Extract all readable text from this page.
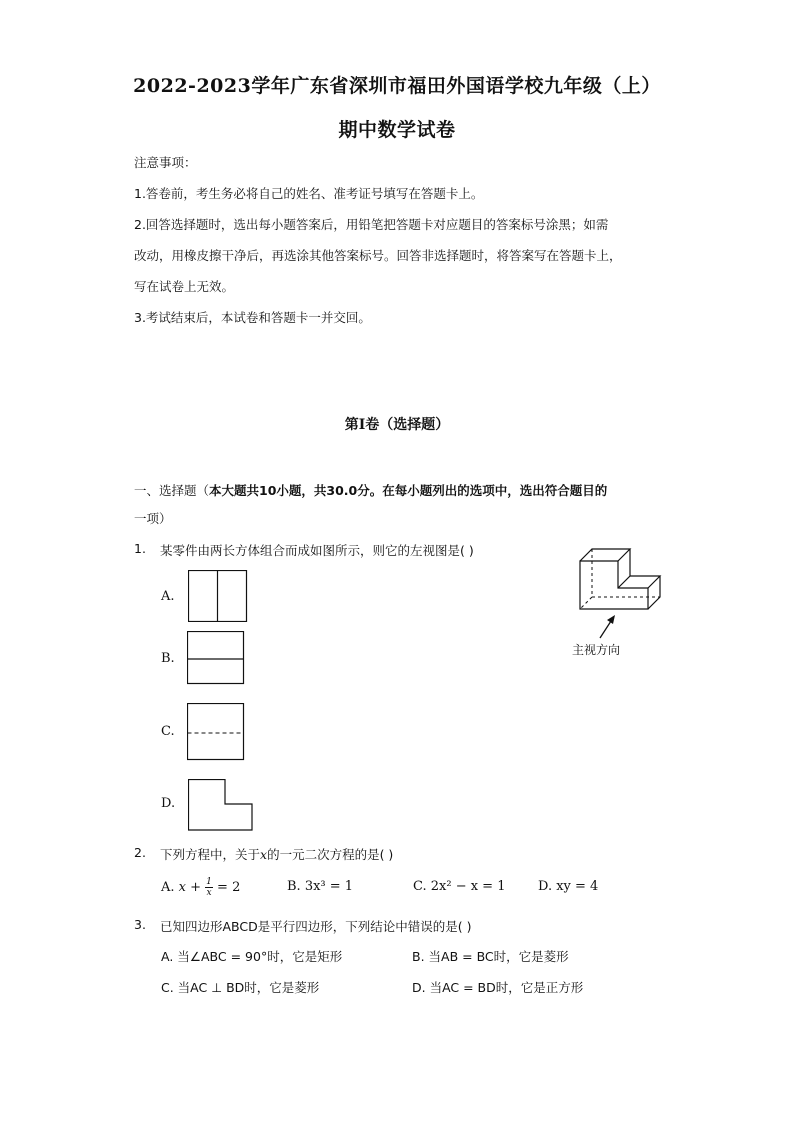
2022-2023学年广东省深圳市福田外国语学校九年级（上）
期中数学试卷
注意事项：
1.答卷前，考生务必将自己的姓名、准考证号填写在答题卡上。
2.回答选择题时，选出每小题答案后，用铅笔把答题卡对应题目的答案标号涂黑；如需
改动，用橡皮擦干净后，再选涂其他答案标号。回答非选择题时，将答案写在答题卡上，
写在试卷上无效。
3.考试结束后，本试卷和答题卡一并交回。
第Ⅰ卷（选择题）
一、选择题（本大题共10小题，共30.0分。在每小题列出的选项中，选出符合题目的
一项）
1. 某零件由两长方体组合而成如图所示，则它的左视图是( )
A.
B.
C.
D.
主视方向
2. 下列方程中，关于x的一元二次方程的是( )
A. $x + \frac{1}{x} = 2$	B. 3x³ = 1	C. 2x² − x = 1	D. xy = 4
3. 已知四边形ABCD是平行四边形，下列结论中错误的是( )
A. 当∠ABC = 90°时，它是矩形	B. 当AB = BC时，它是菱形
C. 当AC ⊥ BD时，它是菱形	D. 当AC = BD时，它是正方形
